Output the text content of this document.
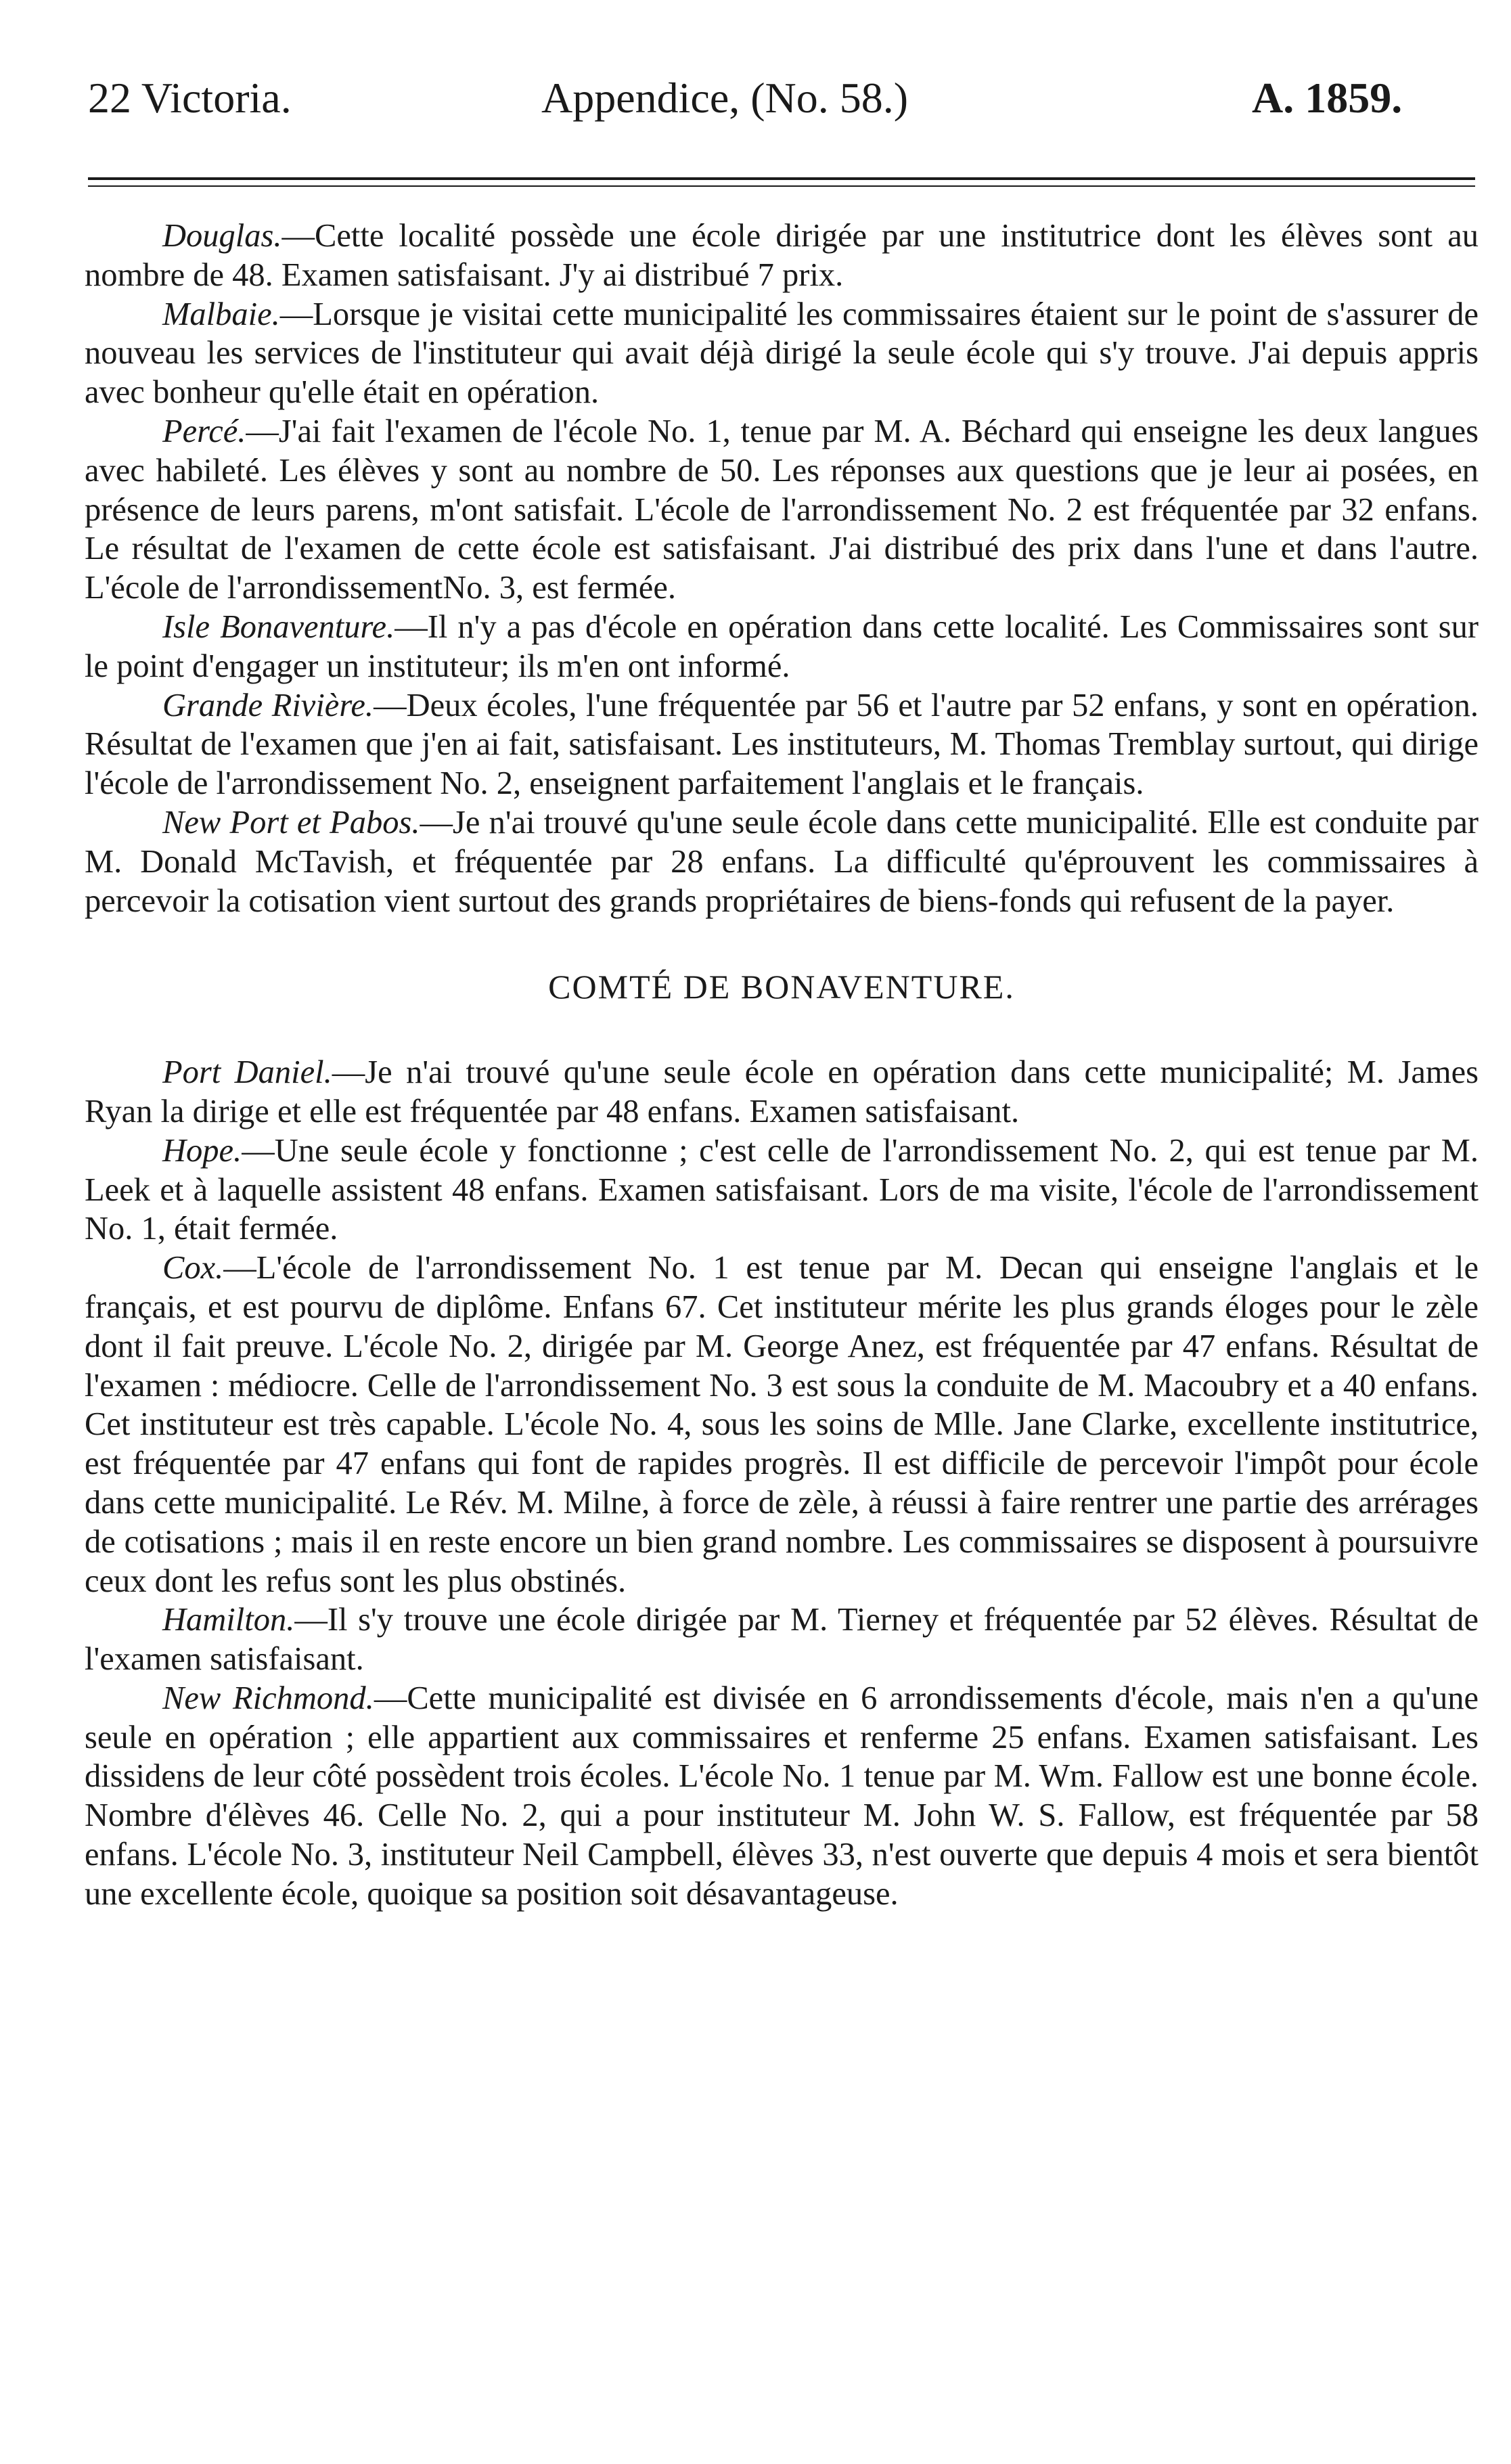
22 Victoria.	Appendice, (No. 58.)	A. 1859.

Douglas.—Cette localité possède une école dirigée par une institutrice dont les élèves sont au nombre de 48. Examen satisfaisant. J'y ai distribué 7 prix.

Malbaie.—Lorsque je visitai cette municipalité les commissaires étaient sur le point de s'assurer de nouveau les services de l'instituteur qui avait déjà dirigé la seule école qui s'y trouve. J'ai depuis appris avec bonheur qu'elle était en opération.

Percé.—J'ai fait l'examen de l'école No. 1, tenue par M. A. Béchard qui enseigne les deux langues avec habileté. Les élèves y sont au nombre de 50. Les réponses aux questions que je leur ai posées, en présence de leurs parens, m'ont satisfait. L'école de l'arrondissement No. 2 est fréquentée par 32 enfans. Le résultat de l'examen de cette école est satisfaisant. J'ai distribué des prix dans l'une et dans l'autre. L'école de l'arrondissementNo. 3, est fermée.

Isle Bonaventure.—Il n'y a pas d'école en opération dans cette localité. Les Commissaires sont sur le point d'engager un instituteur; ils m'en ont informé.

Grande Rivière.—Deux écoles, l'une fréquentée par 56 et l'autre par 52 enfans, y sont en opération. Résultat de l'examen que j'en ai fait, satisfaisant. Les instituteurs, M. Thomas Tremblay surtout, qui dirige l'école de l'arrondissement No. 2, enseignent parfaitement l'anglais et le français.

New Port et Pabos.—Je n'ai trouvé qu'une seule école dans cette municipalité. Elle est conduite par M. Donald McTavish, et fréquentée par 28 enfans. La difficulté qu'éprouvent les commissaires à percevoir la cotisation vient surtout des grands propriétaires de biens-fonds qui refusent de la payer.

COMTÉ DE BONAVENTURE.

Port Daniel.—Je n'ai trouvé qu'une seule école en opération dans cette municipalité; M. James Ryan la dirige et elle est fréquentée par 48 enfans. Examen satisfaisant.

Hope.—Une seule école y fonctionne ; c'est celle de l'arrondissement No. 2, qui est tenue par M. Leek et à laquelle assistent 48 enfans. Examen satisfaisant. Lors de ma visite, l'école de l'arrondissement No. 1, était fermée.

Cox.—L'école de l'arrondissement No. 1 est tenue par M. Decan qui enseigne l'anglais et le français, et est pourvu de diplôme. Enfans 67. Cet instituteur mérite les plus grands éloges pour le zèle dont il fait preuve. L'école No. 2, dirigée par M. George Anez, est fréquentée par 47 enfans. Résultat de l'examen : médiocre. Celle de l'arrondissement No. 3 est sous la conduite de M. Macoubry et a 40 enfans. Cet instituteur est très capable. L'école No. 4, sous les soins de Mlle. Jane Clarke, excellente institutrice, est fréquentée par 47 enfans qui font de rapides progrès. Il est difficile de percevoir l'impôt pour école dans cette municipalité. Le Rév. M. Milne, à force de zèle, à réussi à faire rentrer une partie des arrérages de cotisations ; mais il en reste encore un bien grand nombre. Les commissaires se disposent à poursuivre ceux dont les refus sont les plus obstinés.

Hamilton.—Il s'y trouve une école dirigée par M. Tierney et fréquentée par 52 élèves. Résultat de l'examen satisfaisant.

New Richmond.—Cette municipalité est divisée en 6 arrondissements d'école, mais n'en a qu'une seule en opération ; elle appartient aux commissaires et renferme 25 enfans. Examen satisfaisant. Les dissidens de leur côté possèdent trois écoles. L'école No. 1 tenue par M. Wm. Fallow est une bonne école. Nombre d'élèves 46. Celle No. 2, qui a pour instituteur M. John W. S. Fallow, est fréquentée par 58 enfans. L'école No. 3, instituteur Neil Campbell, élèves 33, n'est ouverte que depuis 4 mois et sera bientôt une excellente école, quoique sa position soit désavantageuse.
